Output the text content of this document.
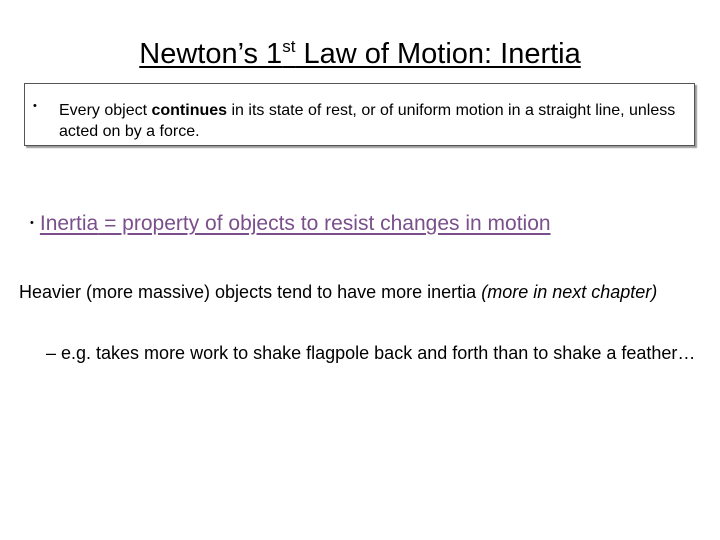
Newton’s 1st Law of Motion: Inertia
• Every object continues in its state of rest, or of uniform motion in a straight line, unless acted on by a force.
• Inertia = property of objects to resist changes in motion
Heavier (more massive) objects tend to have more inertia (more in next chapter)
– e.g. takes more work to shake flagpole back and forth than to shake a feather…
